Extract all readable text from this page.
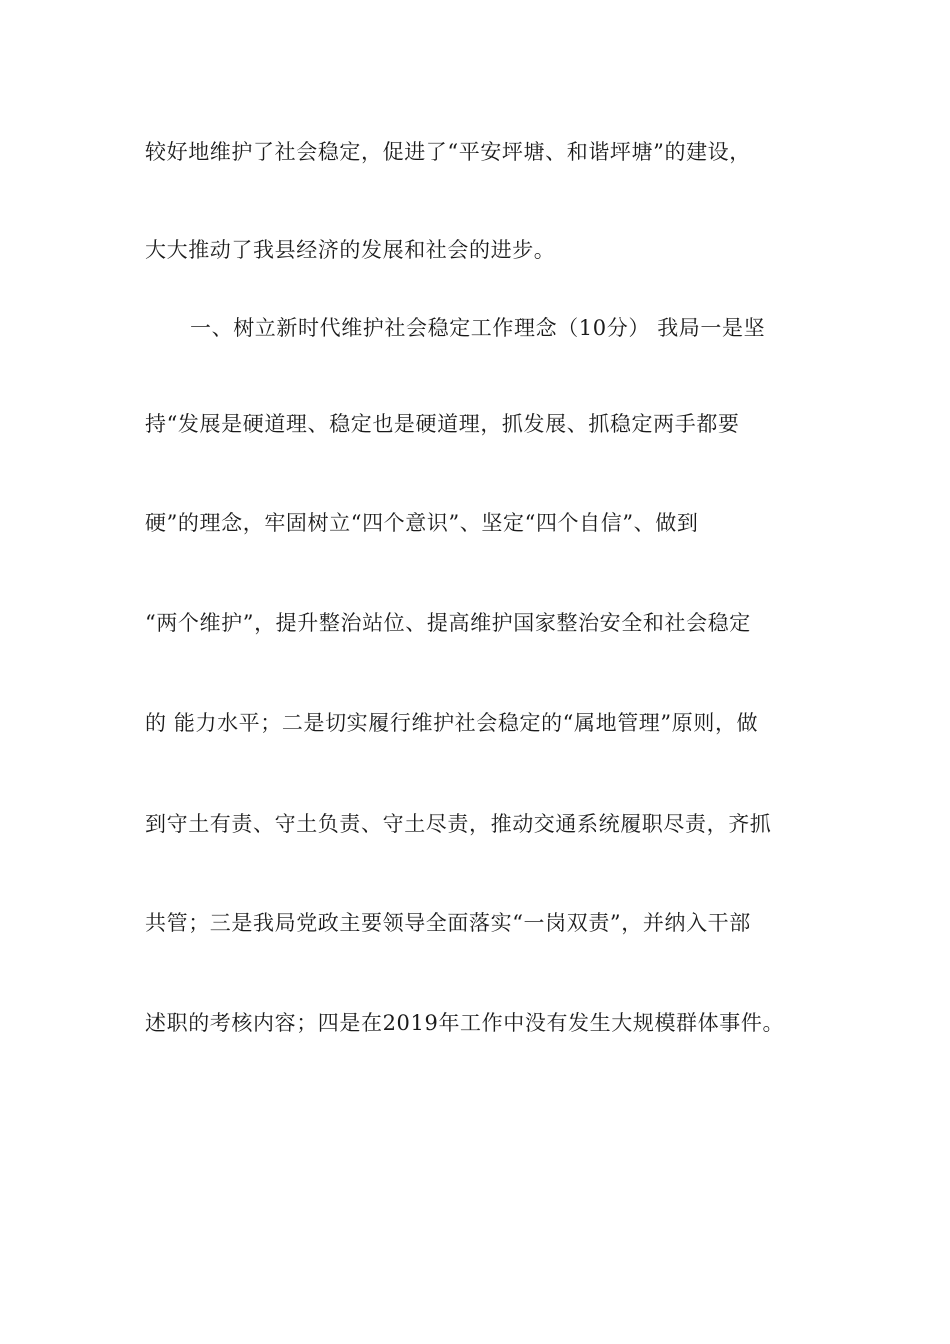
较好地维护了社会稳定，促进了“平安坪塘、和谐坪塘”的建设，
大大推动了我县经济的发展和社会的进步。
一、树立新时代维护社会稳定工作理念（10分） 我局一是坚
持“发展是硬道理、稳定也是硬道理，抓发展、抓稳定两手都要
硬”的理念，牢固树立“四个意识”、坚定“四个自信”、做到
“两个维护”，提升整治站位、提高维护国家整治安全和社会稳定
的 能力水平；二是切实履行维护社会稳定的“属地管理”原则，做
到守土有责、守土负责、守土尽责，推动交通系统履职尽责，齐抓
共管；三是我局党政主要领导全面落实“一岗双责”，并纳入干部
述职的考核内容；四是在2019年工作中没有发生大规模群体事件。
